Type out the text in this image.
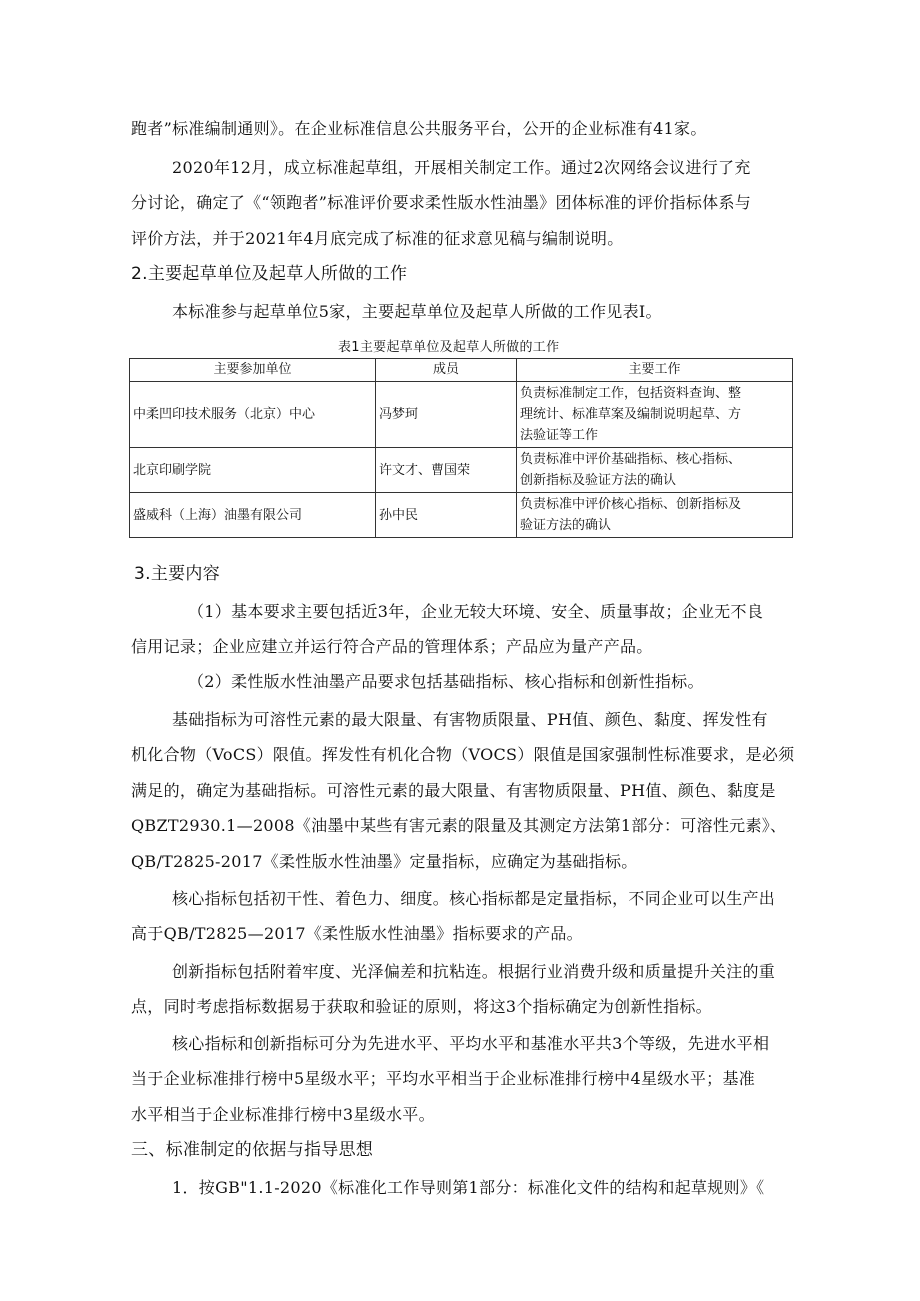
跑者”标准编制通则》。在企业标准信息公共服务平台，公开的企业标准有41家。
2020年12月，成立标准起草组，开展相关制定工作。通过2次网络会议进行了充
分讨论，确定了《“领跑者”标准评价要求柔性版水性油墨》团体标准的评价指标体系与
评价方法，并于2021年4月底完成了标准的征求意见稿与编制说明。
2.主要起草单位及起草人所做的工作
本标准参与起草单位5家，主要起草单位及起草人所做的工作见表I。
表1主要起草单位及起草人所做的工作
主要参加单位	成员	主要工作
中柔凹印技术服务（北京）中心	冯梦珂	负责标准制定工作，包括资料查询、整
理统计、标准草案及编制说明起草、方
法验证等工作

北京印刷学院	许文才、曹国荣	负责标准中评价基础指标、核心指标、
创新指标及验证方法的确认

盛威科（上海）油墨有限公司	孙中民	负责标准中评价核心指标、创新指标及
验证方法的确认
3.主要内容
（1）基本要求主要包括近3年，企业无较大环境、安全、质量事故；企业无不良
信用记录；企业应建立并运行符合产品的管理体系；产品应为量产产品。
（2）柔性版水性油墨产品要求包括基础指标、核心指标和创新性指标。
基础指标为可溶性元素的最大限量、有害物质限量、PH值、颜色、黏度、挥发性有
机化合物（VoCS）限值。挥发性有机化合物（VOCS）限值是国家强制性标准要求，是必须
满足的，确定为基础指标。可溶性元素的最大限量、有害物质限量、PH值、颜色、黏度是
QBZT2930.1—2008《油墨中某些有害元素的限量及其测定方法第1部分：可溶性元素》、
QB/T2825-2017《柔性版水性油墨》定量指标，应确定为基础指标。
核心指标包括初干性、着色力、细度。核心指标都是定量指标，不同企业可以生产出
高于QB/T2825—2017《柔性版水性油墨》指标要求的产品。
创新指标包括附着牢度、光泽偏差和抗粘连。根据行业消费升级和质量提升关注的重
点，同时考虑指标数据易于获取和验证的原则，将这3个指标确定为创新性指标。
核心指标和创新指标可分为先进水平、平均水平和基准水平共3个等级，先进水平相
当于企业标准排行榜中5星级水平；平均水平相当于企业标准排行榜中4星级水平；基准
水平相当于企业标准排行榜中3星级水平。
三、标准制定的依据与指导思想
1．按GB"1.1-2020《标准化工作导则第1部分：标准化文件的结构和起草规则》《
